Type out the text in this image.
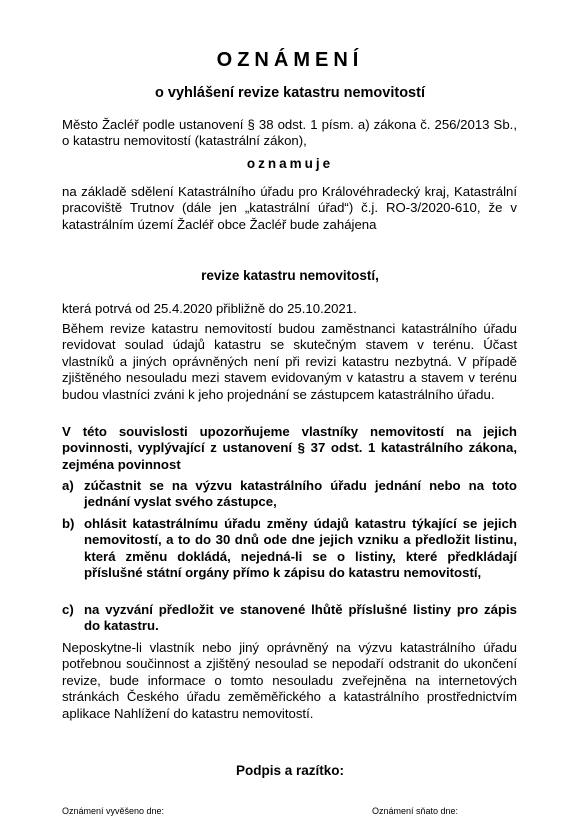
OZNÁMENÍ
o vyhlášení revize katastru nemovitostí

Město Žacléř podle ustanovení § 38 odst. 1 písm. a) zákona č. 256/2013 Sb., o katastru nemovitostí (katastrální zákon),

oznamuje

na základě sdělení Katastrálního úřadu pro Královéhradecký kraj, Katastrální pracoviště Trutnov (dále jen „katastrální úřad“) č.j. RO-3/2020-610, že v katastrálním území Žacléř obce Žacléř bude zahájena

revize katastru nemovitostí,

která potrvá od 25.4.2020 přibližně do 25.10.2021.

Během revize katastru nemovitostí budou zaměstnanci katastrálního úřadu revidovat soulad údajů katastru se skutečným stavem v terénu. Účast vlastníků a jiných oprávněných není při revizi katastru nezbytná. V případě zjištěného nesouladu mezi stavem evidovaným v katastru a stavem v terénu budou vlastníci zváni k jeho projednání se zástupcem katastrálního úřadu.

V této souvislosti upozorňujeme vlastníky nemovitostí na jejich povinnosti, vyplývající z ustanovení § 37 odst. 1 katastrálního zákona, zejména povinnost

a) zúčastnit se na výzvu katastrálního úřadu jednání nebo na toto jednání vyslat svého zástupce,
b) ohlásit katastrálnímu úřadu změny údajů katastru týkající se jejich nemovitostí, a to do 30 dnů ode dne jejich vzniku a předložit listinu, která změnu dokládá, nejedná-li se o listiny, které předkládají příslušné státní orgány přímo k zápisu do katastru nemovitostí,
c) na vyzvání předložit ve stanovené lhůtě příslušné listiny pro zápis do katastru.

Neposkytne-li vlastník nebo jiný oprávněný na výzvu katastrálního úřadu potřebnou součinnost a zjištěný nesoulad se nepodaří odstranit do ukončení revize, bude informace o tomto nesouladu zveřejněna na internetových stránkách Českého úřadu zeměměřického a katastrálního prostřednictvím aplikace Nahlížení do katastru nemovitostí.

Podpis a razítko:
Oznámení vyvěšeno dne:	Oznámení sňato dne:
